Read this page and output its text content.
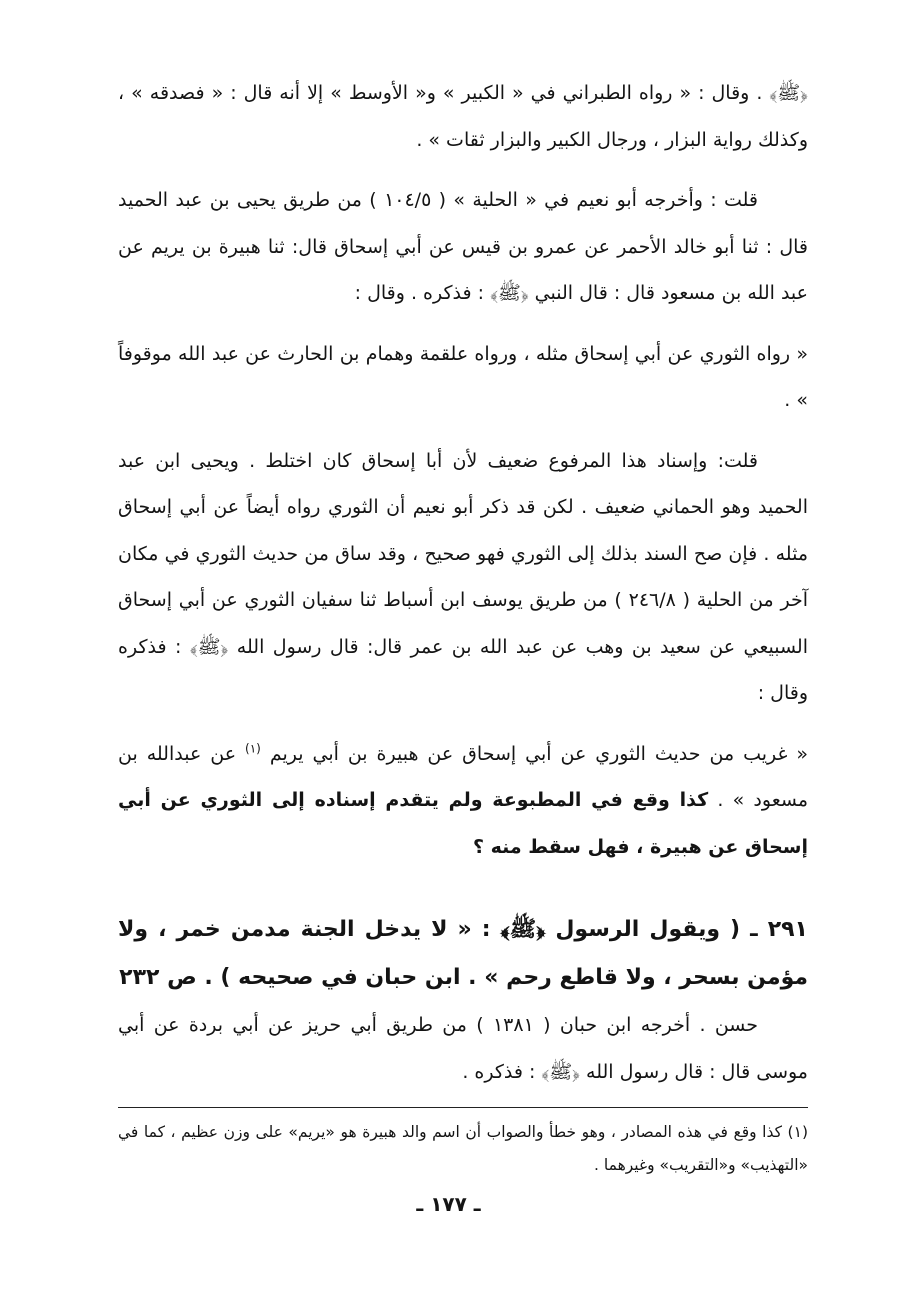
﴿ﷺ﴾ . وقال : « رواه الطبراني في « الكبير » و« الأوسط » إلا أنه قال : « فصدقه » ، وكذلك رواية البزار ، ورجال الكبير والبزار ثقات » .

قلت : وأخرجه أبو نعيم في « الحلية » ( ١٠٤/٥ ) من طريق يحيى بن عبد الحميد قال : ثنا أبو خالد الأحمر عن عمرو بن قيس عن أبي إسحاق قال: ثنا هبيرة بن يريم عن عبد الله بن مسعود قال : قال النبي ﴿ﷺ﴾ : فذكره . وقال :

« رواه الثوري عن أبي إسحاق مثله ، ورواه علقمة وهمام بن الحارث عن عبد الله موقوفاً » .

قلت: وإسناد هذا المرفوع ضعيف لأن أبا إسحاق كان اختلط . ويحيى ابن عبد الحميد وهو الحماني ضعيف . لكن قد ذكر أبو نعيم أن الثوري رواه أيضاً عن أبي إسحاق مثله . فإن صح السند بذلك إلى الثوري فهو صحيح ، وقد ساق من حديث الثوري في مكان آخر من الحلية ( ٢٤٦/٨ ) من طريق يوسف ابن أسباط ثنا سفيان الثوري عن أبي إسحاق السبيعي عن سعيد بن وهب عن عبد الله بن عمر قال: قال رسول الله ﴿ﷺ﴾ : فذكره وقال :

« غريب من حديث الثوري عن أبي إسحاق عن هبيرة بن أبي يريم $^{(١)}$ عن عبدالله بن مسعود » . كذا وقع في المطبوعة ولم يتقدم إسناده إلى الثوري عن أبي إسحاق عن هبيرة ، فهل سقط منه ؟

٢٩١ ـ ( ويقول الرسول ﴿ﷺ﴾ : « لا يدخل الجنة مدمن خمر ، ولا مؤمن بسحر ، ولا قاطع رحم » . ابن حبان في صحيحه ) . ص ٢٣٢

حسن . أخرجه ابن حبان ( ١٣٨١ ) من طريق أبي حريز عن أبي بردة عن أبي موسى قال : قال رسول الله ﴿ﷺ﴾ : فذكره .

(١) كذا وقع في هذه المصادر ، وهو خطأ والصواب أن اسم والد هبيرة هو «يريم» على وزن عظيم ، كما في «التهذيب» و«التقريب» وغيرهما .

ـ ١٧٧ ـ
